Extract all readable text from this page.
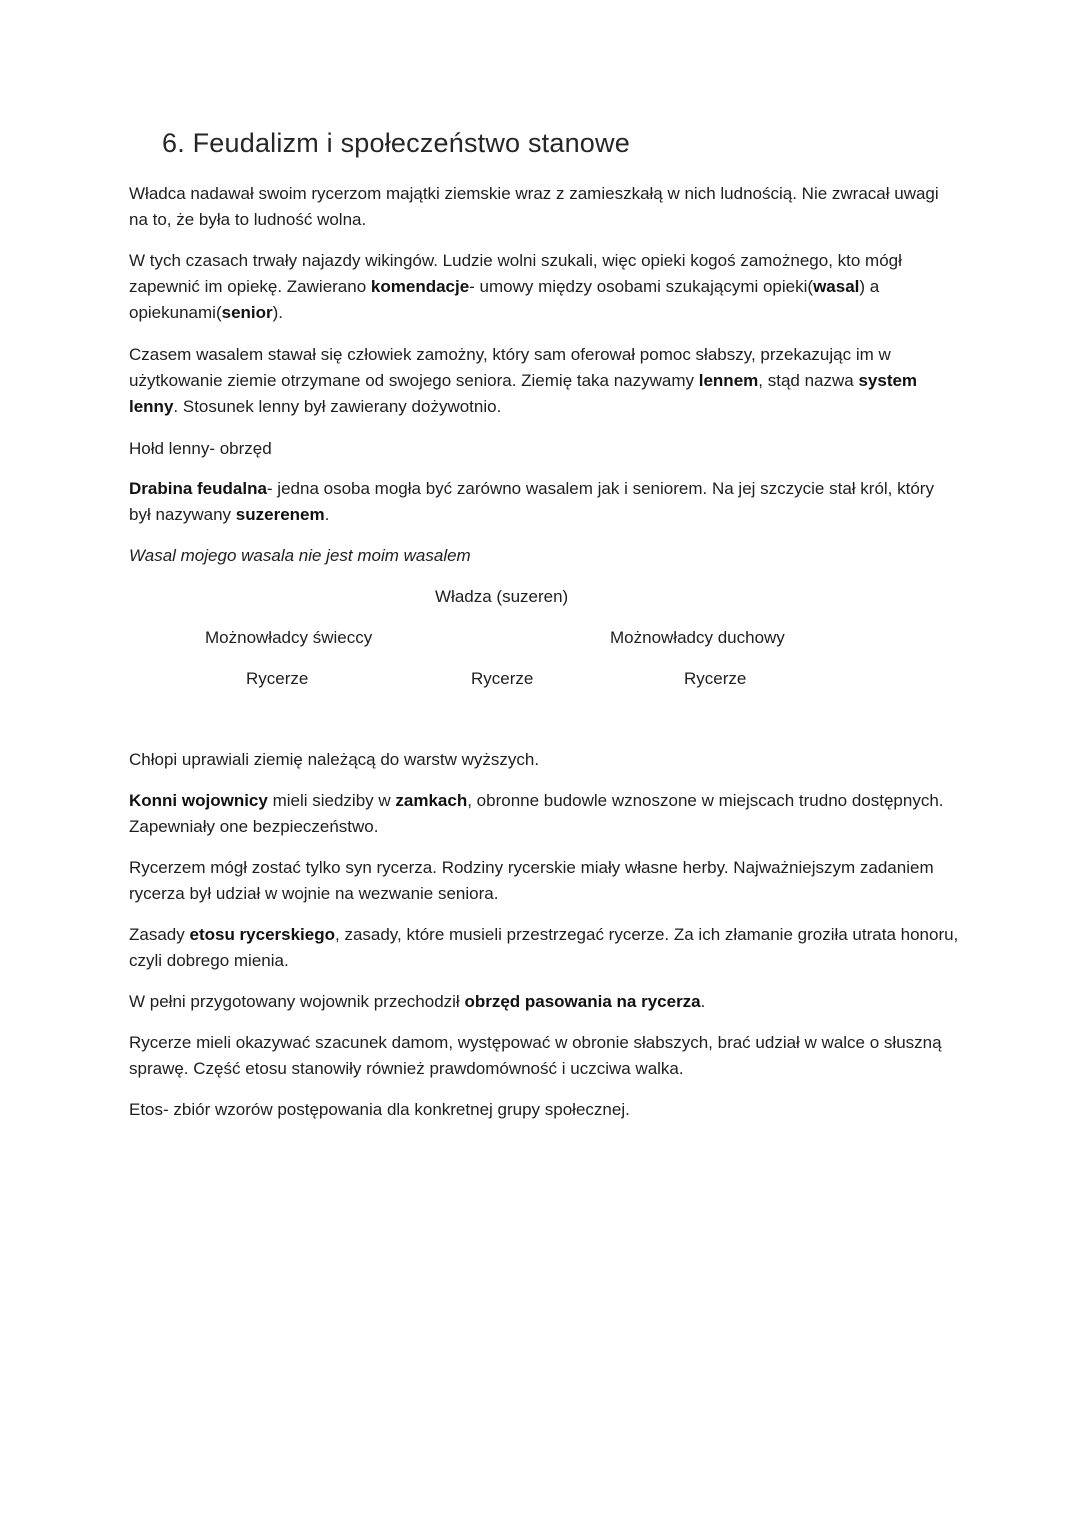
6. Feudalizm i społeczeństwo stanowe

Władca nadawał swoim rycerzom majątki ziemskie wraz z zamieszkałą w nich ludnością. Nie zwracał uwagi na to, że była to ludność wolna.

W tych czasach trwały najazdy wikingów. Ludzie wolni szukali, więc opieki kogoś zamożnego, kto mógł zapewnić im opiekę. Zawierano komendacje- umowy między osobami szukającymi opieki(wasal) a opiekunami(senior).

Czasem wasalem stawał się człowiek zamożny, który sam oferował pomoc słabszy, przekazując im w użytkowanie ziemie otrzymane od swojego seniora. Ziemię taka nazywamy lennem, stąd nazwa system lenny. Stosunek lenny był zawierany dożywotnio.

Hołd lenny- obrzęd

Drabina feudalna- jedna osoba mogła być zarówno wasalem jak i seniorem. Na jej szczycie stał król, który był nazywany suzerenem.

Wasal mojego wasala nie jest moim wasalem

Władza (suzeren)
Możnowładcy świeccy	Możnowładcy duchowy
Rycerze	Rycerze	Rycerze

Chłopi uprawiali ziemię należącą do warstw wyższych.

Konni wojownicy mieli siedziby w zamkach, obronne budowle wznoszone w miejscach trudno dostępnych. Zapewniały one bezpieczeństwo.

Rycerzem mógł zostać tylko syn rycerza. Rodziny rycerskie miały własne herby. Najważniejszym zadaniem rycerza był udział w wojnie na wezwanie seniora.

Zasady etosu rycerskiego, zasady, które musieli przestrzegać rycerze. Za ich złamanie groziła utrata honoru, czyli dobrego mienia.

W pełni przygotowany wojownik przechodził obrzęd pasowania na rycerza.

Rycerze mieli okazywać szacunek damom, występować w obronie słabszych, brać udział w walce o słuszną sprawę. Część etosu stanowiły również prawdomówność i uczciwa walka.

Etos- zbiór wzorów postępowania dla konkretnej grupy społecznej.
